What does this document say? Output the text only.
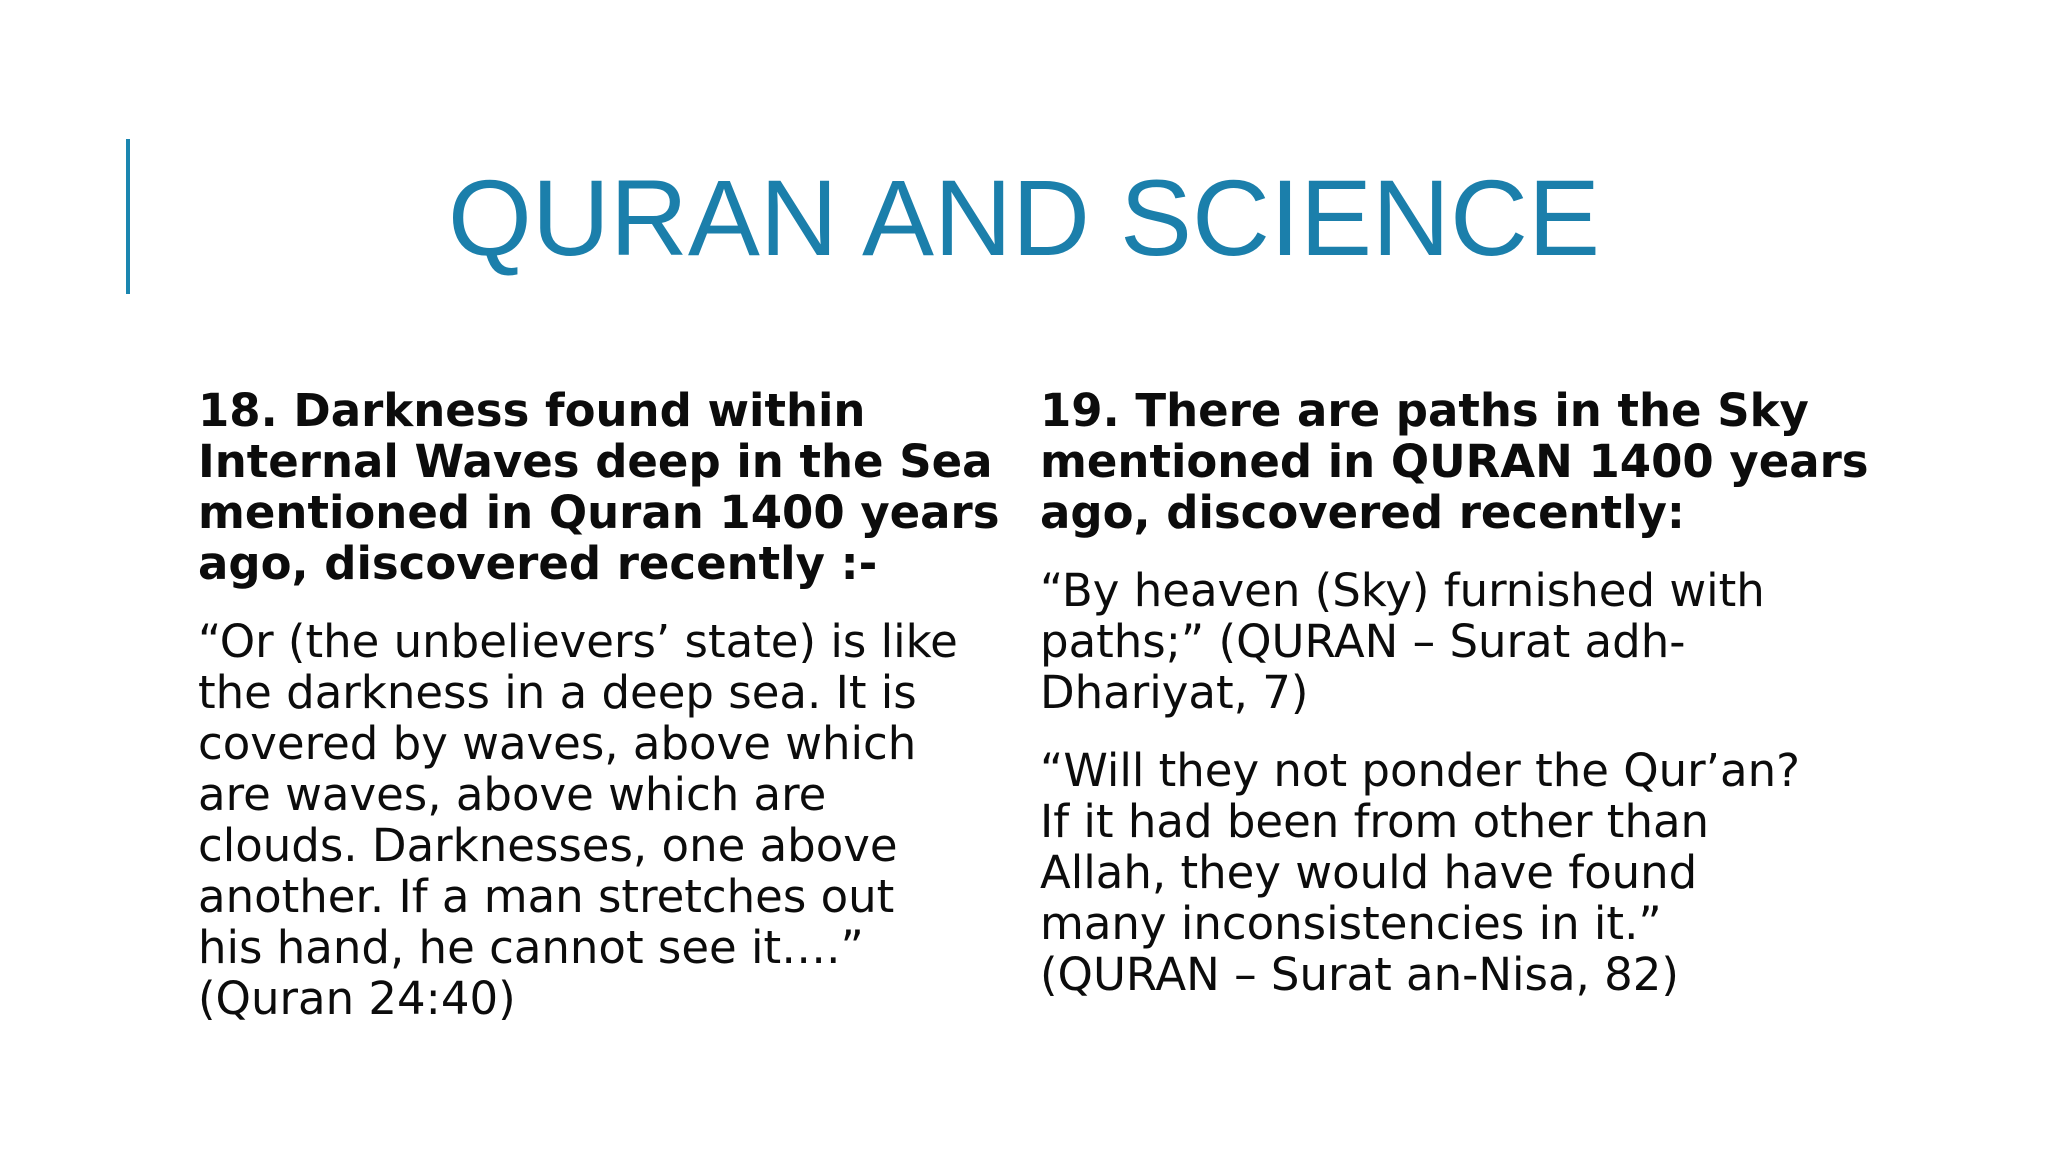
QURAN AND SCIENCE
18. Darkness found within
Internal Waves deep in the Sea
mentioned in Quran 1400 years
ago, discovered recently :-
“Or (the unbelievers’ state) is like
the darkness in a deep sea. It is
covered by waves, above which
are waves, above which are
clouds. Darknesses, one above
another. If a man stretches out
his hand, he cannot see it….”
(Quran 24:40)
19. There are paths in the Sky
mentioned in QURAN 1400 years
ago, discovered recently:
“By heaven (Sky) furnished with
paths;” (QURAN – Surat adh-
Dhariyat, 7)
“Will they not ponder the Qur’an?
If it had been from other than
Allah, they would have found
many inconsistencies in it.”
(QURAN – Surat an-Nisa, 82)
